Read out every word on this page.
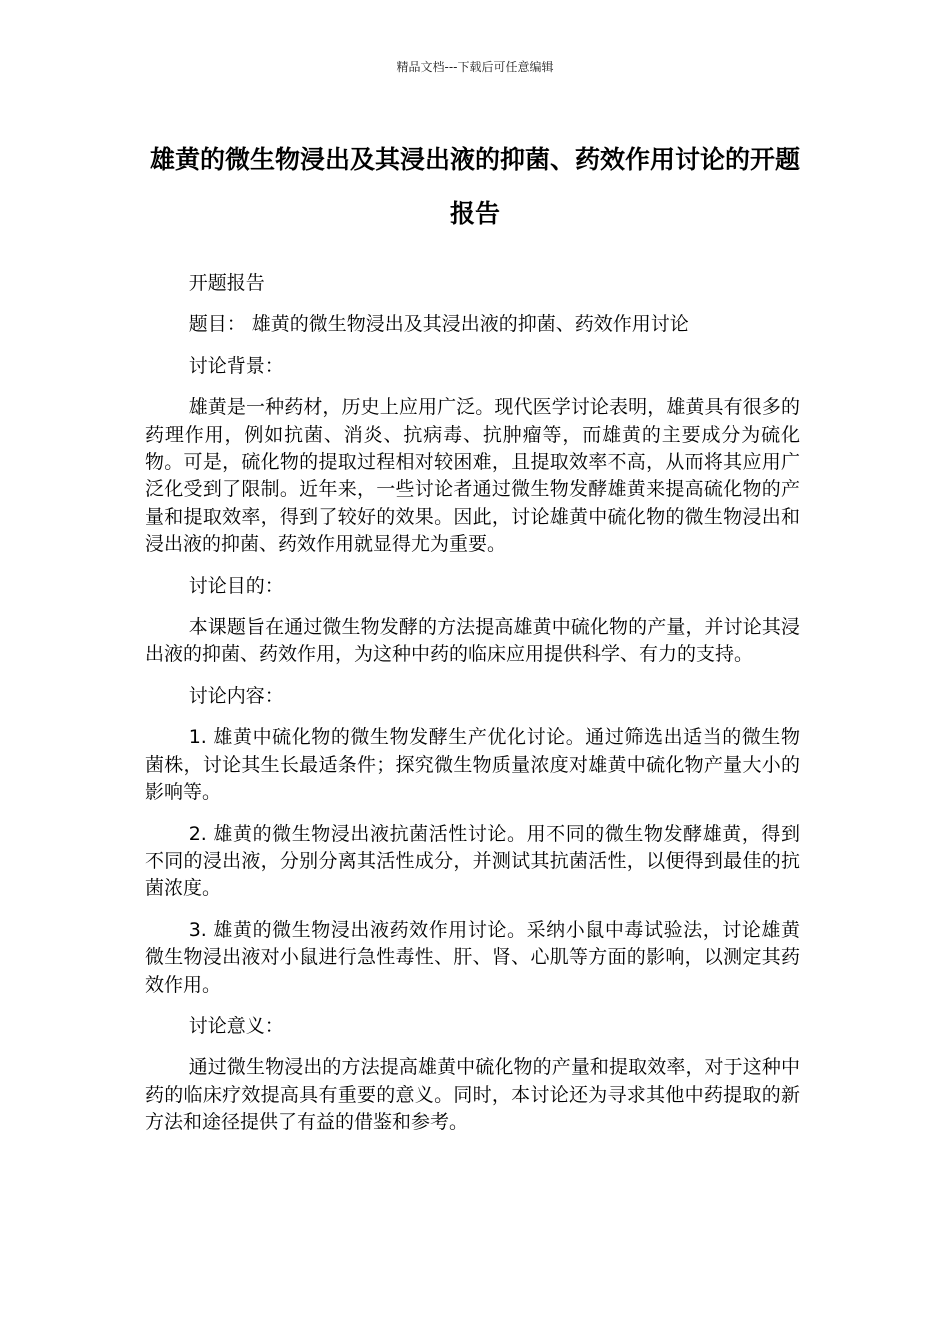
精品文档---下载后可任意编辑
雄黄的微生物浸出及其浸出液的抑菌、药效作用讨论的开题报告

开题报告

题目： 雄黄的微生物浸出及其浸出液的抑菌、药效作用讨论

讨论背景：

雄黄是一种药材，历史上应用广泛。现代医学讨论表明，雄黄具有很多的药理作用，例如抗菌、消炎、抗病毒、抗肿瘤等，而雄黄的主要成分为硫化物。可是，硫化物的提取过程相对较困难，且提取效率不高，从而将其应用广泛化受到了限制。近年来，一些讨论者通过微生物发酵雄黄来提高硫化物的产量和提取效率，得到了较好的效果。因此，讨论雄黄中硫化物的微生物浸出和浸出液的抑菌、药效作用就显得尤为重要。

讨论目的：

本课题旨在通过微生物发酵的方法提高雄黄中硫化物的产量，并讨论其浸出液的抑菌、药效作用，为这种中药的临床应用提供科学、有力的支持。

讨论内容：

1. 雄黄中硫化物的微生物发酵生产优化讨论。通过筛选出适当的微生物菌株，讨论其生长最适条件；探究微生物质量浓度对雄黄中硫化物产量大小的影响等。

2. 雄黄的微生物浸出液抗菌活性讨论。用不同的微生物发酵雄黄，得到不同的浸出液，分别分离其活性成分，并测试其抗菌活性，以便得到最佳的抗菌浓度。

3. 雄黄的微生物浸出液药效作用讨论。采纳小鼠中毒试验法，讨论雄黄微生物浸出液对小鼠进行急性毒性、肝、肾、心肌等方面的影响，以测定其药效作用。

讨论意义：

通过微生物浸出的方法提高雄黄中硫化物的产量和提取效率，对于这种中药的临床疗效提高具有重要的意义。同时，本讨论还为寻求其他中药提取的新方法和途径提供了有益的借鉴和参考。
